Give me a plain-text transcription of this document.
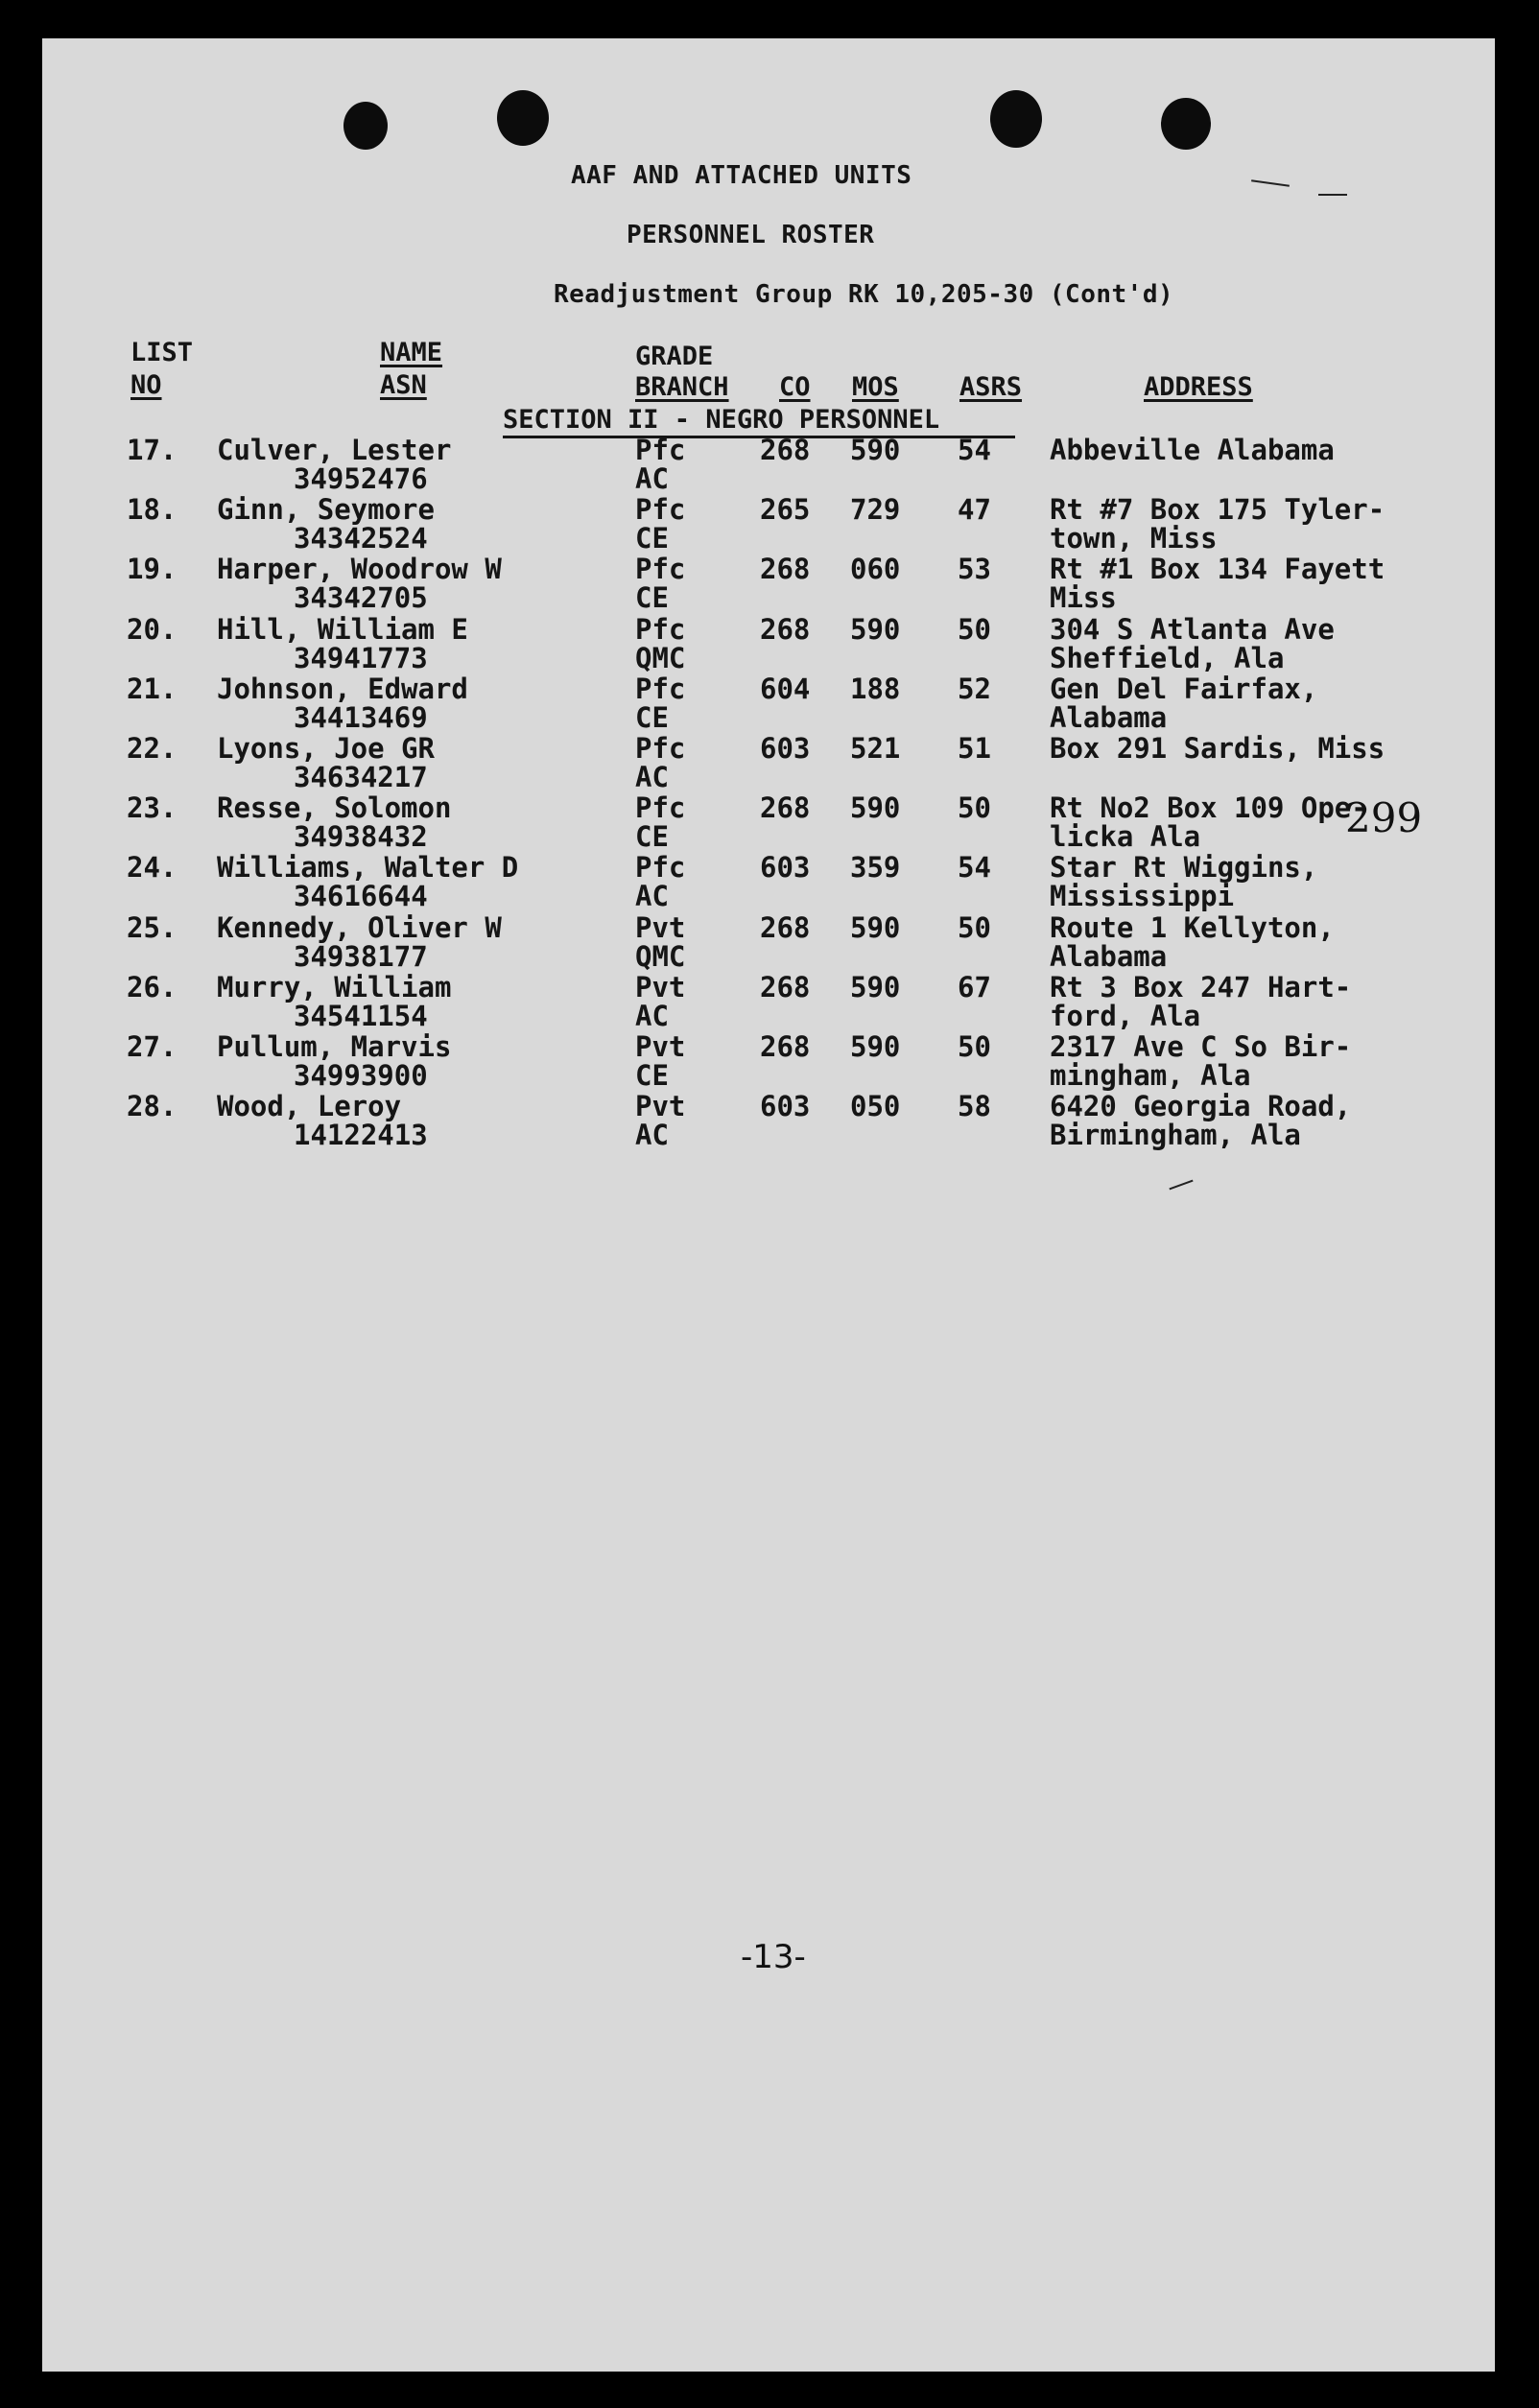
AAF AND ATTACHED UNITS
PERSONNEL ROSTER
Readjustment Group RK 10,205-30 (Cont'd)
LIST
NO
NAME
ASN
GRADE
BRANCH CO MOS ASRS	ADDRESS
SECTION II - NEGRO PERSONNEL
17. Culver, Lester
34952476
Pfc
AC
268 590 54 Abbeville Alabama
18. Ginn, Seymore
34342524
Pfc
CE
265 729 47 Rt #7 Box 175 Tyler-
town, Miss
19. Harper, Woodrow W
34342705
Pfc
CE
268 060 53 Rt #1 Box 134 Fayett
Miss
20. Hill, William E
34941773
Pfc
QMC
268 590 50 304 S Atlanta Ave
Sheffield, Ala
21. Johnson, Edward
34413469
Pfc
CE
604 188 52 Gen Del Fairfax,
Alabama
22. Lyons, Joe GR
34634217
Pfc
AC
603 521 51 Box 291 Sardis, Miss
23. Resse, Solomon
34938432
Pfc
CE
268 590 50 Rt No2 Box 109 Ope-
licka Ala
24. Williams, Walter D
34616644
Pfc
AC
603 359 54 Star Rt Wiggins,
Mississippi
25. Kennedy, Oliver W
34938177
Pvt
QMC
268 590 50 Route 1 Kellyton,
Alabama
26. Murry, William
34541154
Pvt
AC
268 590 67 Rt 3 Box 247 Hart-
ford, Ala
27. Pullum, Marvis
34993900
Pvt
CE
268 590 50 2317 Ave C So Bir-
mingham, Ala
28. Wood, Leroy
14122413
Pvt
AC
603 050 58 6420 Georgia Road,
Birmingham, Ala
299
-13-
